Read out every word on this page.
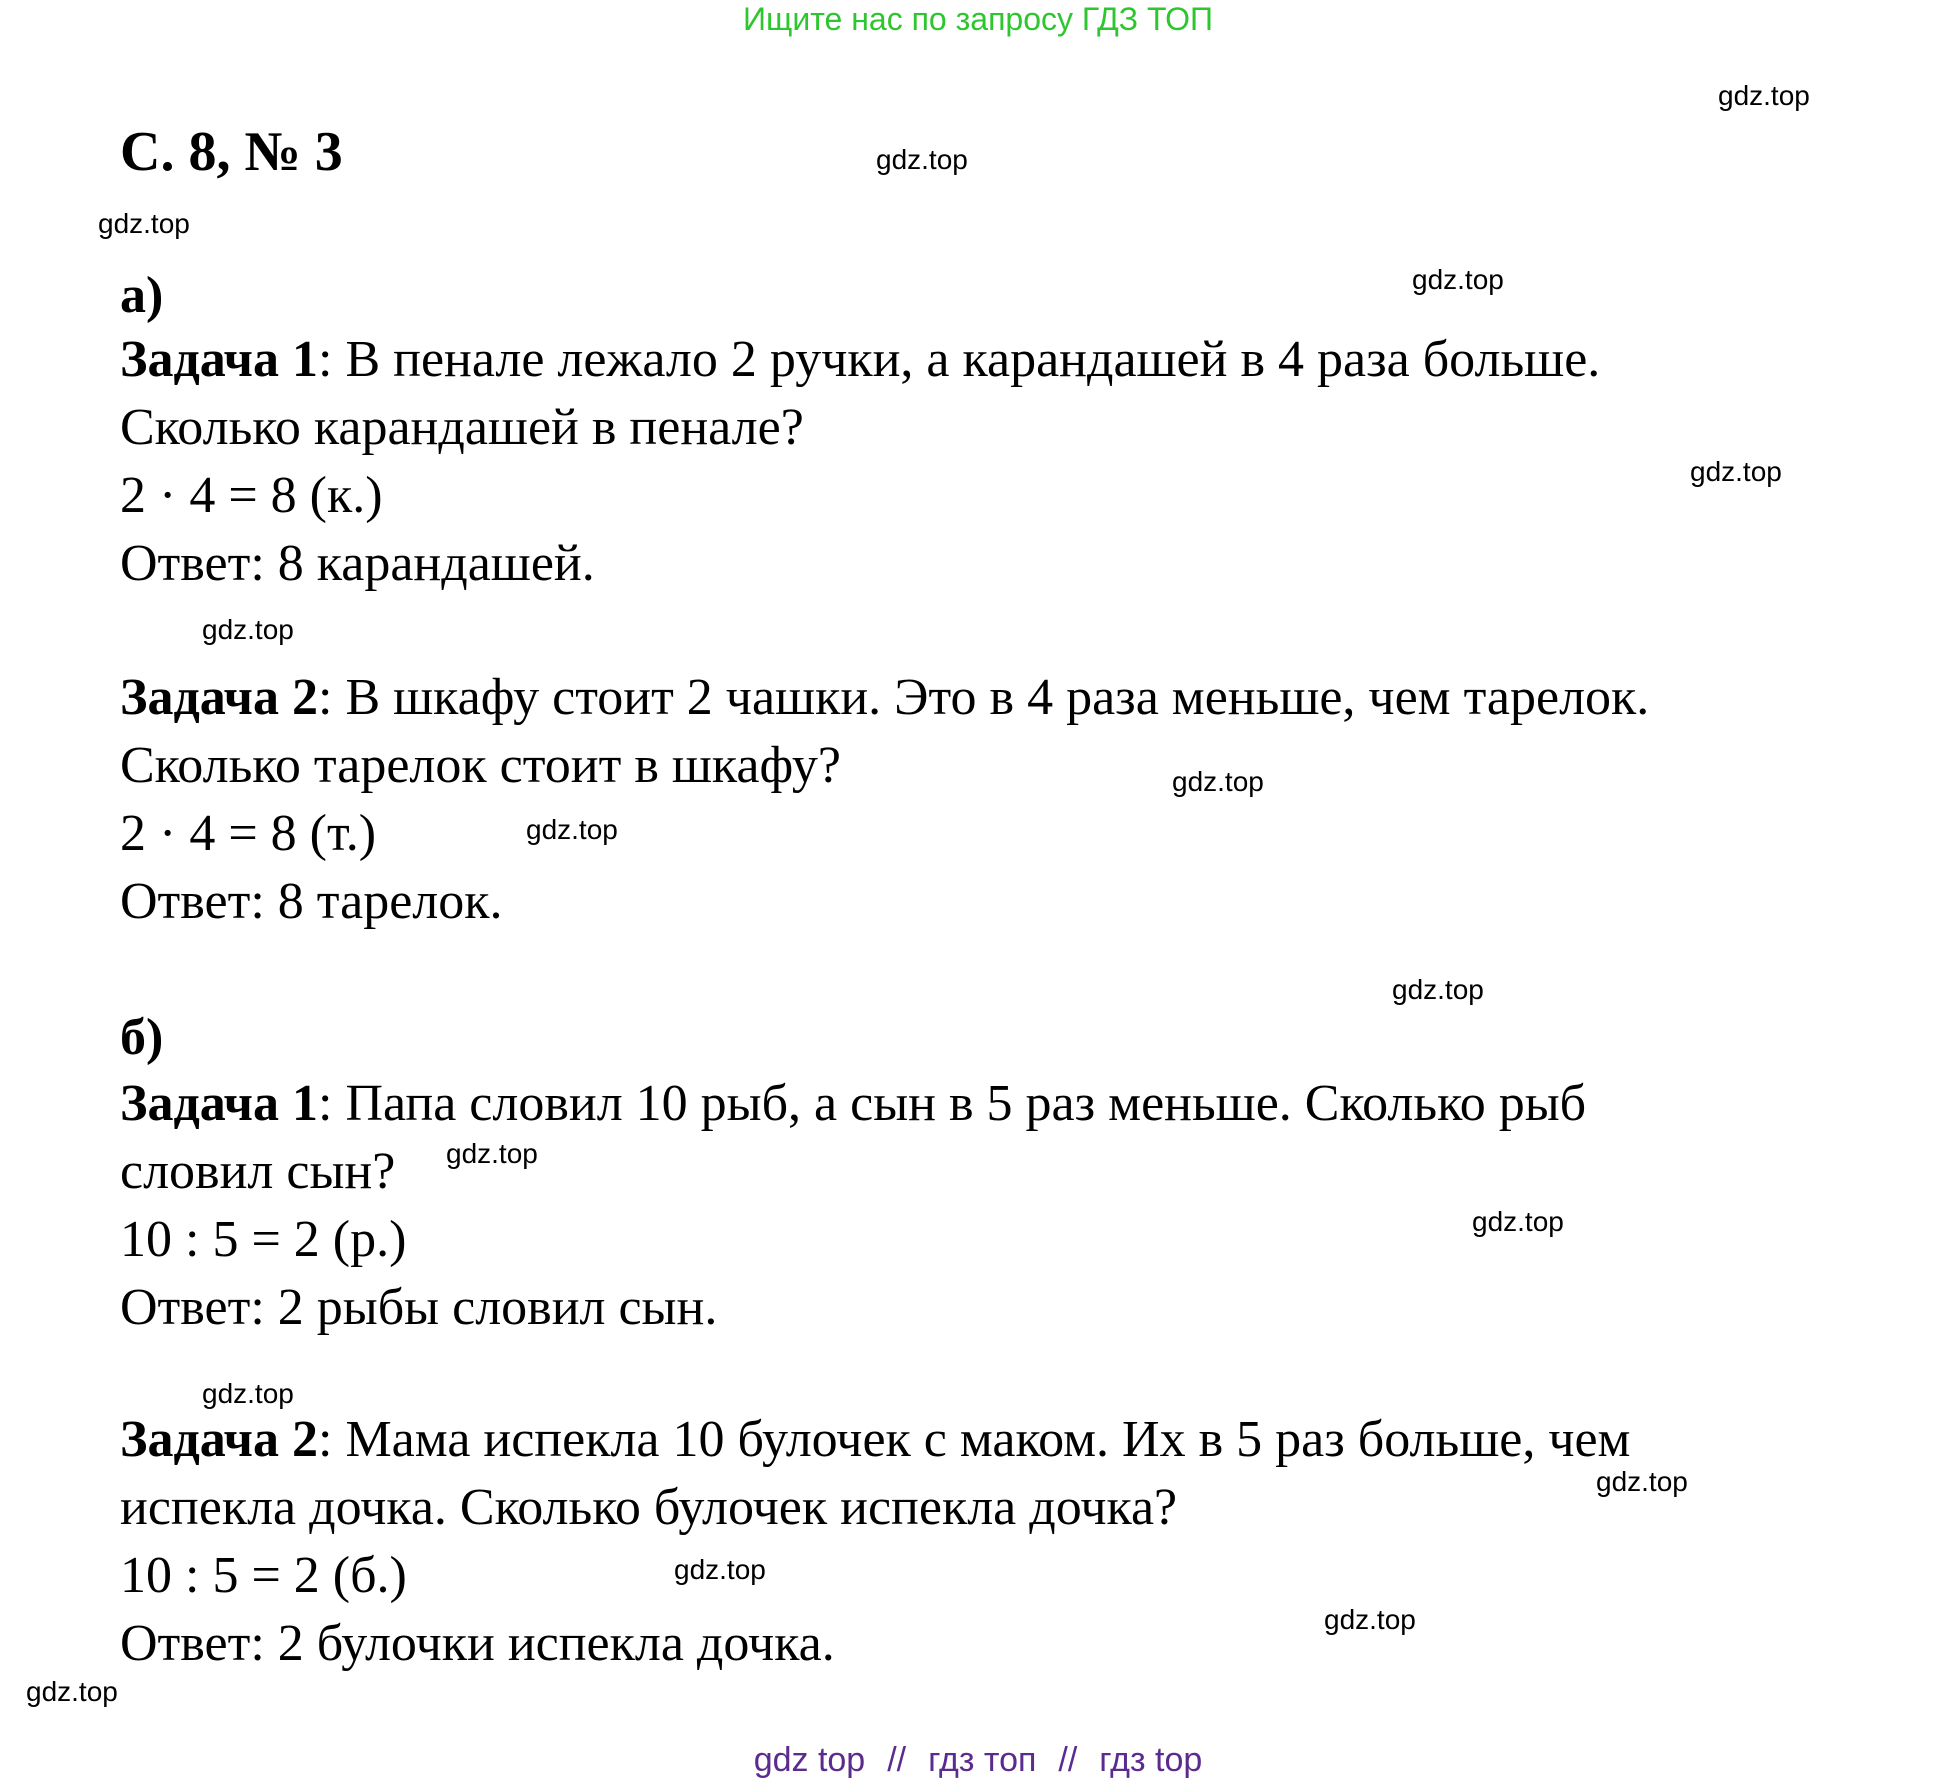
Ищите нас по запросу ГДЗ ТОП
С. 8, № 3
а)
Задача 1: В пенале лежало 2 ручки, а карандашей в 4 раза больше.
Сколько карандашей в пенале?
2 · 4 = 8 (к.)
Ответ: 8 карандашей.
Задача 2: В шкафу стоит 2 чашки. Это в 4 раза меньше, чем тарелок.
Сколько тарелок стоит в шкафу?
2 · 4 = 8 (т.)
Ответ: 8 тарелок.
б)
Задача 1: Папа словил 10 рыб, а сын в 5 раз меньше. Сколько рыб
словил сын?
10 : 5 = 2 (р.)
Ответ: 2 рыбы словил сын.
Задача 2: Мама испекла 10 булочек с маком. Их в 5 раз больше, чем
испекла дочка. Сколько булочек испекла дочка?
10 : 5 = 2 (б.)
Ответ: 2 булочки испекла дочка.
gdz.top
gdz.top
gdz.top
gdz.top
gdz.top
gdz.top
gdz.top
gdz.top
gdz.top
gdz.top
gdz.top
gdz.top
gdz.top
gdz.top
gdz.top
gdz.top
gdz top // гдз топ // гдз top
